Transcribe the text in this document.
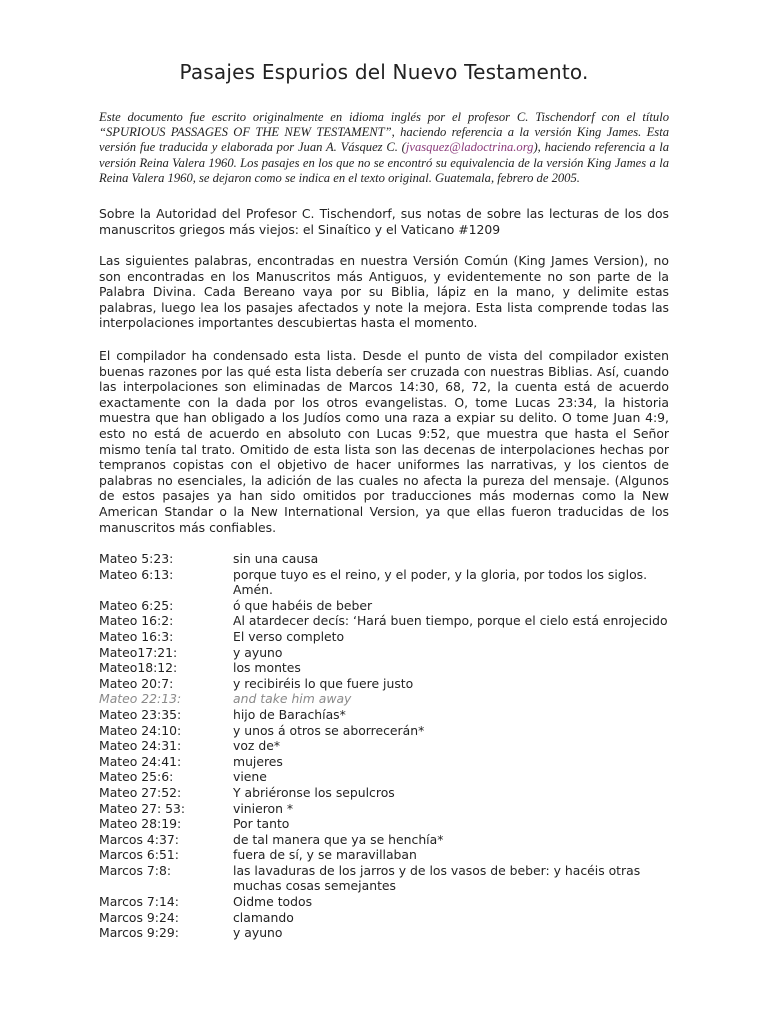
Pasajes Espurios del Nuevo Testamento.
Este documento fue escrito originalmente en idioma inglés por el profesor C. Tischendorf con el título “SPURIOUS PASSAGES OF THE NEW TESTAMENT”, haciendo referencia a la versión King James. Esta versión fue traducida y elaborada por Juan A. Vásquez C. (jvasquez@ladoctrina.org), haciendo referencia a la versión Reina Valera 1960. Los pasajes en los que no se encontró su equivalencia de la versión King James a la Reina Valera 1960, se dejaron como se indica en el texto original. Guatemala, febrero de 2005.
Sobre la Autoridad del Profesor C. Tischendorf, sus notas de sobre las lecturas de los dos manuscritos griegos más viejos: el Sinaítico y el Vaticano #1209
Las siguientes palabras, encontradas en nuestra Versión Común (King James Version), no son encontradas en los Manuscritos más Antiguos, y evidentemente no son parte de la Palabra Divina. Cada Bereano vaya por su Biblia, lápiz en la mano, y delimite estas palabras, luego lea los pasajes afectados y note la mejora. Esta lista comprende todas las interpolaciones importantes descubiertas hasta el momento.
El compilador ha condensado esta lista. Desde el punto de vista del compilador existen buenas razones por las qué esta lista debería ser cruzada con nuestras Biblias. Así, cuando las interpolaciones son eliminadas de Marcos 14:30, 68, 72, la cuenta está de acuerdo exactamente con la dada por los otros evangelistas. O, tome Lucas 23:34, la historia muestra que han obligado a los Judíos como una raza a expiar su delito. O tome Juan 4:9, esto no está de acuerdo en absoluto con Lucas 9:52, que muestra que hasta el Señor mismo tenía tal trato. Omitido de esta lista son las decenas de interpolaciones hechas por tempranos copistas con el objetivo de hacer uniformes las narrativas, y los cientos de palabras no esenciales, la adición de las cuales no afecta la pureza del mensaje. (Algunos de estos pasajes ya han sido omitidos por traducciones más modernas como la New American Standar o la New International Version, ya que ellas fueron traducidas de los manuscritos más confiables.
Mateo 5:23:	sin una causa
Mateo 6:13:	porque tuyo es el reino, y el poder, y la gloria, por todos los siglos. Amén.
Mateo 6:25:	ó que habéis de beber
Mateo 16:2:	Al atardecer decís: ‘Hará buen tiempo, porque el cielo está enrojecido
Mateo 16:3:	El verso completo
Mateo17:21:	y ayuno
Mateo18:12:	los montes
Mateo 20:7:	y recibiréis lo que fuere justo
Mateo 22:13:	and take him away
Mateo 23:35:	hijo de Barachías*
Mateo 24:10:	y unos á otros se aborrecerán*
Mateo 24:31:	voz de*
Mateo 24:41:	mujeres
Mateo 25:6:	viene
Mateo 27:52:	Y abriéronse los sepulcros
Mateo 27: 53:	vinieron *
Mateo 28:19:	Por tanto
Marcos 4:37:	de tal manera que ya se henchía*
Marcos 6:51:	fuera de sí, y se maravillaban
Marcos 7:8:	las lavaduras de los jarros y de los vasos de beber: y hacéis otras muchas cosas semejantes
Marcos 7:14:	Oidme todos
Marcos 9:24:	clamando
Marcos 9:29:	y ayuno
